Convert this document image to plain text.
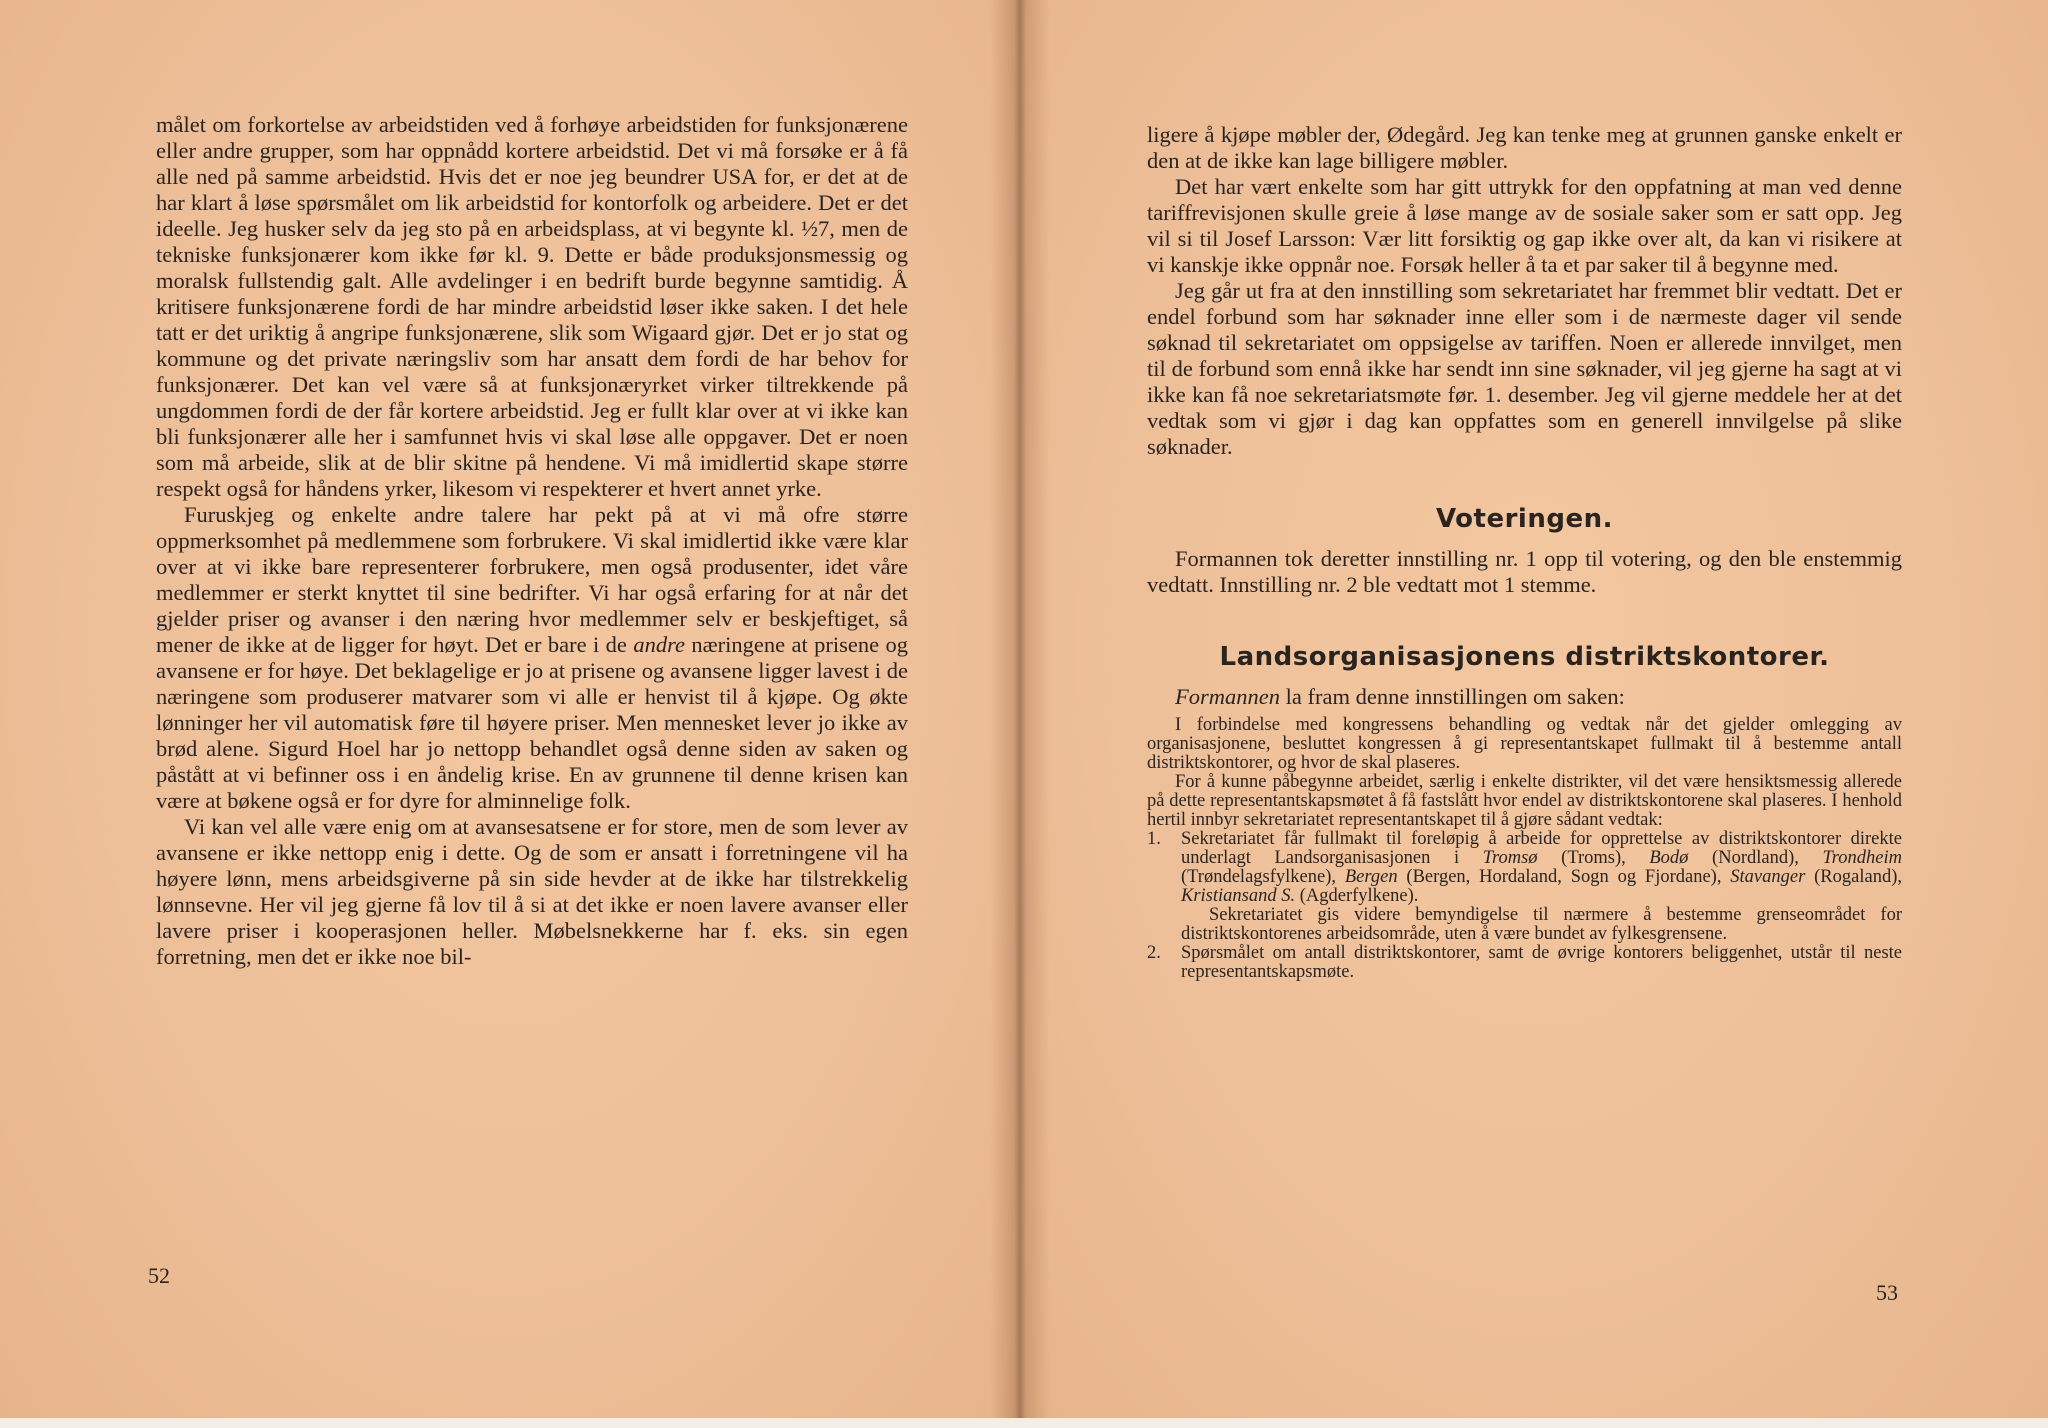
målet om forkortelse av arbeidstiden ved å forhøye arbeidstiden for funksjonærene eller andre grupper, som har oppnådd kortere arbeidstid. Det vi må forsøke er å få alle ned på samme arbeidstid. Hvis det er noe jeg beundrer USA for, er det at de har klart å løse spørsmålet om lik arbeidstid for kontorfolk og arbeidere. Det er det ideelle. Jeg husker selv da jeg sto på en arbeidsplass, at vi begynte kl. ½7, men de tekniske funksjonærer kom ikke før kl. 9. Dette er både produksjonsmessig og moralsk fullstendig galt. Alle avdelinger i en bedrift burde begynne samtidig. Å kritisere funksjonærene fordi de har mindre arbeidstid løser ikke saken. I det hele tatt er det uriktig å angripe funksjonærene, slik som Wigaard gjør. Det er jo stat og kommune og det private næringsliv som har ansatt dem fordi de har behov for funksjonærer. Det kan vel være så at funksjonæryrket virker tiltrekkende på ungdommen fordi de der får kortere arbeidstid. Jeg er fullt klar over at vi ikke kan bli funksjonærer alle her i samfunnet hvis vi skal løse alle oppgaver. Det er noen som må arbeide, slik at de blir skitne på hendene. Vi må imidlertid skape større respekt også for håndens yrker, likesom vi respekterer et hvert annet yrke.

Furuskjeg og enkelte andre talere har pekt på at vi må ofre større oppmerksomhet på medlemmene som forbrukere. Vi skal imidlertid ikke være klar over at vi ikke bare representerer forbrukere, men også produsenter, idet våre medlemmer er sterkt knyttet til sine bedrifter. Vi har også erfaring for at når det gjelder priser og avanser i den næring hvor medlemmer selv er beskjeftiget, så mener de ikke at de ligger for høyt. Det er bare i de andre næringene at prisene og avansene er for høye. Det beklagelige er jo at prisene og avansene ligger lavest i de næringene som produserer matvarer som vi alle er henvist til å kjøpe. Og økte lønninger her vil automatisk føre til høyere priser. Men mennesket lever jo ikke av brød alene. Sigurd Hoel har jo nettopp behandlet også denne siden av saken og påstått at vi befinner oss i en åndelig krise. En av grunnene til denne krisen kan være at bøkene også er for dyre for alminnelige folk.

Vi kan vel alle være enig om at avansesatsene er for store, men de som lever av avansene er ikke nettopp enig i dette. Og de som er ansatt i forretningene vil ha høyere lønn, mens arbeidsgiverne på sin side hevder at de ikke har tilstrekkelig lønnsevne. Her vil jeg gjerne få lov til å si at det ikke er noen lavere avanser eller lavere priser i kooperasjonen heller. Møbelsnekkerne har f. eks. sin egen forretning, men det er ikke noe bil-

52

ligere å kjøpe møbler der, Ødegård. Jeg kan tenke meg at grunnen ganske enkelt er den at de ikke kan lage billigere møbler.

Det har vært enkelte som har gitt uttrykk for den oppfatning at man ved denne tariffrevisjonen skulle greie å løse mange av de sosiale saker som er satt opp. Jeg vil si til Josef Larsson: Vær litt forsiktig og gap ikke over alt, da kan vi risikere at vi kanskje ikke oppnår noe. Forsøk heller å ta et par saker til å begynne med.

Jeg går ut fra at den innstilling som sekretariatet har fremmet blir vedtatt. Det er endel forbund som har søknader inne eller som i de nærmeste dager vil sende søknad til sekretariatet om oppsigelse av tariffen. Noen er allerede innvilget, men til de forbund som ennå ikke har sendt inn sine søknader, vil jeg gjerne ha sagt at vi ikke kan få noe sekretariatsmøte før. 1. desember. Jeg vil gjerne meddele her at det vedtak som vi gjør i dag kan oppfattes som en generell innvilgelse på slike søknader.

Voteringen.

Formannen tok deretter innstilling nr. 1 opp til votering, og den ble enstemmig vedtatt. Innstilling nr. 2 ble vedtatt mot 1 stemme.

Landsorganisasjonens distriktskontorer.

Formannen la fram denne innstillingen om saken:

I forbindelse med kongressens behandling og vedtak når det gjelder omlegging av organisasjonene, besluttet kongressen å gi representantskapet fullmakt til å bestemme antall distriktskontorer, og hvor de skal plaseres.

For å kunne påbegynne arbeidet, særlig i enkelte distrikter, vil det være hensiktsmessig allerede på dette representantskapsmøtet å få fastslått hvor endel av distriktskontorene skal plaseres. I henhold hertil innbyr sekretariatet representantskapet til å gjøre sådant vedtak:

1.	Sekretariatet får fullmakt til foreløpig å arbeide for opprettelse av distriktskontorer direkte underlagt Landsorganisasjonen i Tromsø (Troms), Bodø (Nordland), Trondheim (Trøndelagsfylkene), Bergen (Bergen, Hordaland, Sogn og Fjordane), Stavanger (Rogaland), Kristiansand S. (Agderfylkene).

Sekretariatet gis videre bemyndigelse til nærmere å bestemme grenseområdet for distriktskontorenes arbeidsområde, uten å være bundet av fylkesgrensene.

2.	Spørsmålet om antall distriktskontorer, samt de øvrige kontorers beliggenhet, utstår til neste representantskapsmøte.
53
